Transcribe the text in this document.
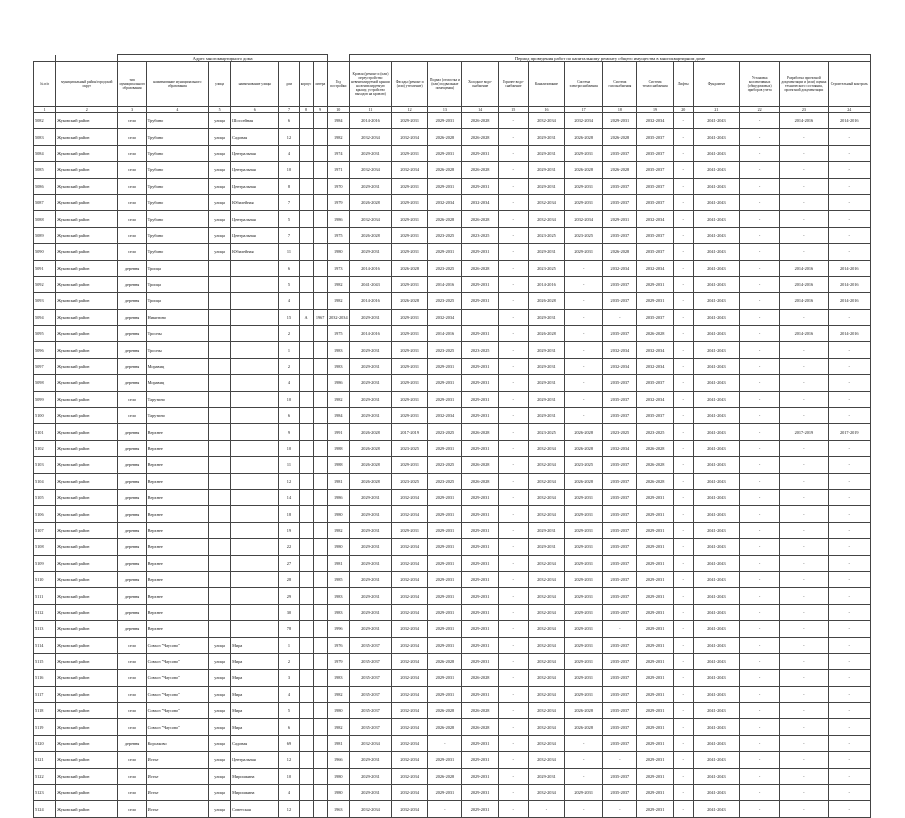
		Адрес многоквартирного дома								Период проведения работ по капитальному ремонту общего имущества в многоквартирном доме													
№ п/п	муниципальный район/городской округ	тип муниципального образования	наименование муниципального образования	улица	наименование улицы	дом	корпус	литера	Год постройки	Кровля (ремонт и (или) переустройство невентилируемой крыши на вентилируемую крышу, устройство выходов на кровлю)	Фасады (ремонт и (или) утепление)	Подвал (отмостка и (или) подвальные помещения)	Холодное водо-снабжение	Горячее водо-снабжение	Канализование	Система электроснабжения	Система газоснабжения	Система теплоснабжения	Лифты	Фундамент	Установка коллективных (общедомовых) приборов учета	Разработка проектной документации и (или) оценка технического состояния, проектной документации	Строительный контроль
1	2	3	4	5	6	7	8	9	10	11	12	13	14	15	16	17	18	19	20	21	22	23	24
5082	Жуковский район	село	Трубино	улица	Шоссейная	6			1984	2014-2016	2029-2031	2029-2031	2026-2028	-	2032-2034	2032-2034	2029-2031	2032-2034	-	2041-2043	-	2014-2016	2014-2016
5083	Жуковский район	село	Трубино	улица	Садовая	12			1982	2032-2034	2032-2034	2026-2028	2026-2028	-	2029-2031	2026-2028	2026-2028	2035-2037	-	2041-2043	-	-	-
5084	Жуковский район	село	Трубино	улица	Центральная	4			1974	2029-2031	2029-2031	2029-2031	2029-2031	-	2029-2031	2029-2031	2035-2037	2035-2037	-	2041-2043	-	-	-
5085	Жуковский район	село	Трубино	улица	Центральная	10			1971	2032-2034	2032-2034	2026-2028	2026-2028	-	2029-2031	2026-2028	2026-2028	2035-2037	-	2041-2043	-	-	-
5086	Жуковский район	село	Трубино	улица	Центральная	8			1970	2029-2031	2029-2031	2029-2031	2029-2031	-	2029-2031	2029-2031	2035-2037	2035-2037	-	2041-2043	-	-	-
5087	Жуковский район	село	Трубино	улица	Юбилейная	7			1979	2026-2028	2029-2031	2032-2034	2032-2034	-	2032-2034	2029-2031	2035-2037	2035-2037	-	2041-2043	-	-	-
5088	Жуковский район	село	Трубино	улица	Центральная	5			1986	2032-2034	2029-2031	2026-2028	2026-2028	-	2032-2034	2032-2034	2029-2031	2032-2034	-	2041-2043	-	-	-
5089	Жуковский район	село	Трубино	улица	Центральная	7			1975	2026-2028	2029-2031	2023-2025	2023-2025	-	2023-2025	2023-2025	2035-2037	2035-2037	-	2041-2043	-	-	-
5090	Жуковский район	село	Трубино	улица	Юбилейная	11			1980	2029-2031	2029-2031	2029-2031	2029-2031	-	2029-2031	2029-2031	2026-2028	2035-2037	-	2041-2043	-	-	-
5091	Жуковский район	деревня	Троица			6			1973	2014-2016	2026-2028	2023-2025	2026-2028	-	2023-2025	-	2032-2034	2032-2034	-	2041-2043	-	2014-2016	2014-2016
5092	Жуковский район	деревня	Троица			5			1982	2041-2043	2029-2031	2014-2016	2029-2031	-	2014-2016	-	2035-2037	2029-2031	-	2041-2043	-	2014-2016	2014-2016
5093	Жуковский район	деревня	Троица			4			1982	2014-2016	2026-2028	2023-2025	2029-2031	-	2026-2028	-	2035-2037	2029-2031	-	2041-2043	-	2014-2016	2014-2016
5094	Жуковский район	деревня	Никитино			15	А	1967	2032-2034	2029-2031	2029-2031	2032-2034		-	2029-2031	-	-	2035-2037	-	2041-2043	-	-	-
5095	Жуковский район	деревня	Тросны			2			1975	2014-2016	2029-2031	2014-2016	2029-2031	-	2026-2028	-	2035-2037	2026-2028	-	2041-2043	-	2014-2016	2014-2016
5096	Жуковский район	деревня	Тросны			1			1983	2029-2031	2029-2031	2023-2025	2023-2025	-	2029-2031	-	2032-2034	2032-2034	-	2041-2043	-	-	-
5097	Жуковский район	деревня	Моравиц			2			1983	2029-2031	2029-2031	2029-2031	2029-2031	-	2029-2031	-	2032-2034	2032-2034	-	2041-2043	-	-	-
5098	Жуковский район	деревня	Моравиц			4			1986	2029-2031	2029-2031	2029-2031	2029-2031	-	2029-2031	-	2035-2037	2035-2037	-	2041-2043	-	-	-
5099	Жуковский район	село	Тарутино			10			1982	2029-2031	2029-2031	2029-2031	2029-2031	-	2029-2031	-	2035-2037	2032-2034	-	2041-2043	-	-	-
5100	Жуковский район	село	Тарутино			6			1984	2029-2031	2029-2031	2032-2034	2029-2031	-	2029-2031	-	2035-2037	2035-2037	-	2041-2043	-	-	-
5101	Жуковский район	деревня	Верхнее			9			1991	2026-2028	2017-2019	2023-2025	2026-2028	-	2023-2025	2026-2028	2023-2025	2023-2025	-	2041-2043	-	2017-2019	2017-2019
5102	Жуковский район	деревня	Верхнее			10			1988	2026-2028	2023-2025	2029-2031	2029-2031	-	2032-2034	2026-2028	2032-2034	2026-2028	-	2041-2043	-	-	-
5103	Жуковский район	деревня	Верхнее			11			1988	2026-2028	2029-2031	2023-2025	2026-2028	-	2032-2034	2023-2025	2035-2037	2026-2028	-	2041-2043	-	-	-
5104	Жуковский район	деревня	Верхнее			12			1981	2026-2028	2023-2025	2023-2025	2026-2028	-	2032-2034	2026-2028	2035-2037	2026-2028	-	2041-2043	-	-	-
5105	Жуковский район	деревня	Верхнее			14			1986	2029-2031	2032-2034	2029-2031	2029-2031	-	2032-2034	2029-2031	2035-2037	2029-2031	-	2041-2043	-	-	-
5106	Жуковский район	деревня	Верхнее			18			1980	2029-2031	2032-2034	2029-2031	2029-2031	-	2032-2034	2029-2031	2035-2037	2029-2031	-	2041-2043	-	-	-
5107	Жуковский район	деревня	Верхнее			19			1982	2029-2031	2029-2031	2029-2031	2029-2031	-	2029-2031	2029-2031	2035-2037	2029-2031	-	2041-2043	-	-	-
5108	Жуковский район	деревня	Верхнее			22			1980	2029-2031	2032-2034	2029-2031	2029-2031	-	2029-2031	2029-2031	2035-2037	2029-2031	-	2041-2043	-	-	-
5109	Жуковский район	деревня	Верхнее			27			1981	2029-2031	2032-2034	2029-2031	2029-2031	-	2032-2034	2029-2031	2035-2037	2029-2031	-	2041-2043	-	-	-
5110	Жуковский район	деревня	Верхнее			28			1985	2029-2031	2032-2034	2029-2031	2029-2031	-	2032-2034	2029-2031	2035-2037	2029-2031	-	2041-2043	-	-	-
5111	Жуковский район	деревня	Верхнее			29			1983	2029-2031	2032-2034	2029-2031	2029-2031	-	2032-2034	2029-2031	2035-2037	2029-2031	-	2041-2043	-	-	-
5112	Жуковский район	деревня	Верхнее			30			1983	2029-2031	2032-2034	2029-2031	2029-2031	-	2032-2034	2029-2031	2035-2037	2029-2031	-	2041-2043	-	-	-
5113	Жуковский район	деревня	Верхнее			78			1996	2029-2031	2032-2034	2029-2031	2029-2031	-	2032-2034	2029-2031	-	2029-2031	-	2041-2043	-	-	-
5114	Жуковский район	село	Совхоз "Чаусово"	улица	Мира	1			1976	2035-2037	2032-2034	2029-2031	2029-2031	-	2032-2034	2029-2031	2035-2037	2029-2031	-	2041-2043	-	-	-
5115	Жуковский район	село	Совхоз "Чаусово"	улица	Мира	2			1979	2035-2037	2032-2034	2026-2028	2029-2031	-	2032-2034	2029-2031	2035-2037	2029-2031	-	2041-2043	-	-	-
5116	Жуковский район	село	Совхоз "Чаусово"	улица	Мира	3			1983	2035-2037	2032-2034	2029-2031	2026-2028	-	2032-2034	2029-2031	2035-2037	2029-2031	-	2041-2043	-	-	-
5117	Жуковский район	село	Совхоз "Чаусово"	улица	Мира	4			1982	2035-2037	2032-2034	2029-2031	2029-2031	-	2032-2034	2029-2031	2035-2037	2029-2031	-	2041-2043	-	-	-
5118	Жуковский район	село	Совхоз "Чаусово"	улица	Мира	5			1980	2035-2037	2032-2034	2026-2028	2026-2028	-	2032-2034	2026-2028	2035-2037	2029-2031	-	2041-2043	-	-	-
5119	Жуковский район	село	Совхоз "Чаусово"	улица	Мира	6			1982	2035-2037	2032-2034	2026-2028	2026-2028	-	2032-2034	2026-2028	2035-2037	2029-2031	-	2041-2043	-	-	-
5120	Жуковский район	деревня	Корсаково	улица	Садовая	69			1981	2032-2034	2032-2034	-	2029-2031	-	2032-2034	-	2035-2037	2029-2031	-	2041-2043	-	-	-
5121	Жуковский район	село	Истье	улица	Центральная	12			1966	2029-2031	2032-2034	2029-2031	2029-2031	-	2032-2034	-	-	2029-2031	-	2041-2043	-	-	-
5122	Жуковский район	село	Истье	улица	Мирошкина	10			1980	2029-2031	2032-2034	2026-2028	2029-2031	-	2029-2031	-	2035-2037	2029-2031	-	2041-2043	-	-	-
5123	Жуковский район	село	Истье	улица	Мирошкина	4			1980	2029-2031	2032-2034	2029-2031	2029-2031	-	2032-2034	2029-2031	2035-2037	2029-2031	-	2041-2043	-	-	-
5124	Жуковский район	село	Истье	улица	Советская	12			1963	2032-2034	2032-2034	-	2029-2031	-	-	-	-	2029-2031	-	2041-2043	-	-	-
